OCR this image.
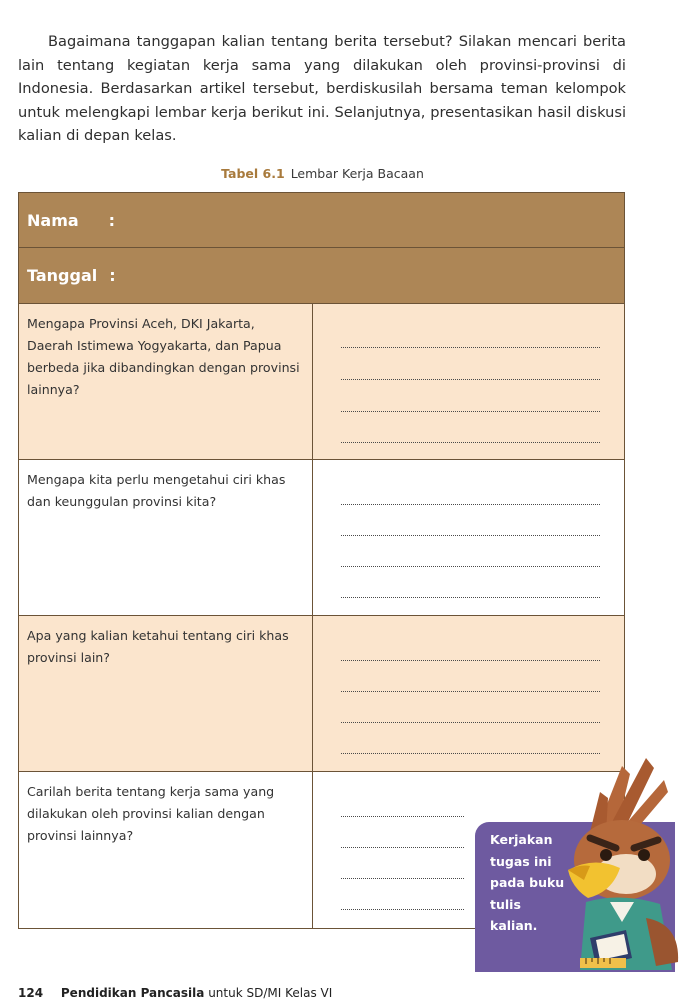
Bagaimana tanggapan kalian tentang berita tersebut? Silakan mencari berita lain tentang kegiatan kerja sama yang dilakukan oleh provinsi-provinsi di Indonesia. Berdasarkan artikel tersebut, berdiskusilah bersama teman kelompok untuk melengkapi lembar kerja berikut ini. Selanjutnya, presentasikan hasil diskusi kalian di depan kelas.

Tabel 6.1 Lembar Kerja Bacaan
Nama :
Tanggal :
Mengapa Provinsi Aceh, DKI Jakarta, Daerah Istimewa Yogyakarta, dan Papua berbeda jika dibandingkan dengan provinsi lainnya?
Mengapa kita perlu mengetahui ciri khas dan keunggulan provinsi kita?
Apa yang kalian ketahui tentang ciri khas provinsi lain?
Carilah berita tentang kerja sama yang dilakukan oleh provinsi kalian dengan provinsi lainnya?	Kerjakan tugas ini pada buku tulis kalian.
124 Pendidikan Pancasila untuk SD/MI Kelas VI
